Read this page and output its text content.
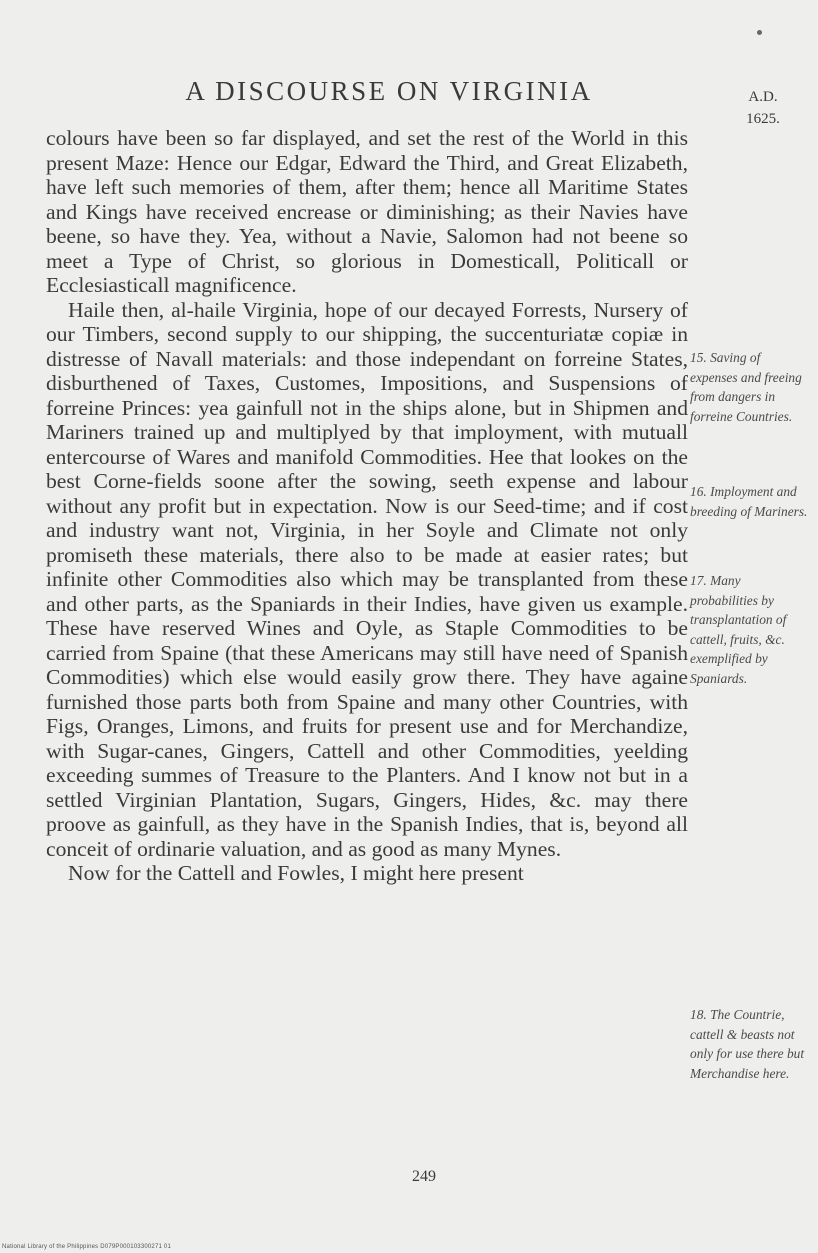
A DISCOURSE ON VIRGINIA	A.D.
1625.

colours have been so far displayed, and set the rest of the World in this present Maze: Hence our Edgar, Edward the Third, and Great Elizabeth, have left such memories of them, after them; hence all Maritime States and Kings have received encrease or diminishing; as their Navies have beene, so have they. Yea, without a Navie, Salomon had not beene so meet a Type of Christ, so glorious in Domesticall, Politicall or Ecclesiasticall magnificence.

Haile then, al-haile Virginia, hope of our decayed Forrests, Nursery of our Timbers, second supply to our shipping, the succenturiatæ copiæ in distresse of Navall materials: and those independant on forreine States, disburthened of Taxes, Customes, Impositions, and Suspensions of forreine Princes: yea gainfull not in the ships alone, but in Shipmen and Mariners trained up and multiplyed by that imployment, with mutuall entercourse of Wares and manifold Commodities. Hee that lookes on the best Corne-fields soone after the sowing, seeth expense and labour without any profit but in expectation. Now is our Seed-time; and if cost and industry want not, Virginia, in her Soyle and Climate not only promiseth these materials, there also to be made at easier rates; but infinite other Commodities also which may be transplanted from these and other parts, as the Spaniards in their Indies, have given us example. These have reserved Wines and Oyle, as Staple Commodities to be carried from Spaine (that these Americans may still have need of Spanish Commodities) which else would easily grow there. They have againe furnished those parts both from Spaine and many other Countries, with Figs, Oranges, Limons, and fruits for present use and for Merchandize, with Sugar-canes, Gingers, Cattell and other Commodities, yeelding exceeding summes of Treasure to the Planters. And I know not but in a settled Virginian Plantation, Sugars, Gingers, Hides, &c. may there proove as gainfull, as they have in the Spanish Indies, that is, beyond all conceit of ordinarie valuation, and as good as many Mynes.

Now for the Cattell and Fowles, I might here present

15. Saving of expenses and freeing from dangers in forreine Countries.
16. Imployment and breeding of Mariners.
17. Many probabilities by transplantation of cattell, fruits, &c. exemplified by Spaniards.
18. The Countrie, cattell & beasts not only for use there but Merchandise here.
249
National Library of the Philippines D079P000103300271 01
